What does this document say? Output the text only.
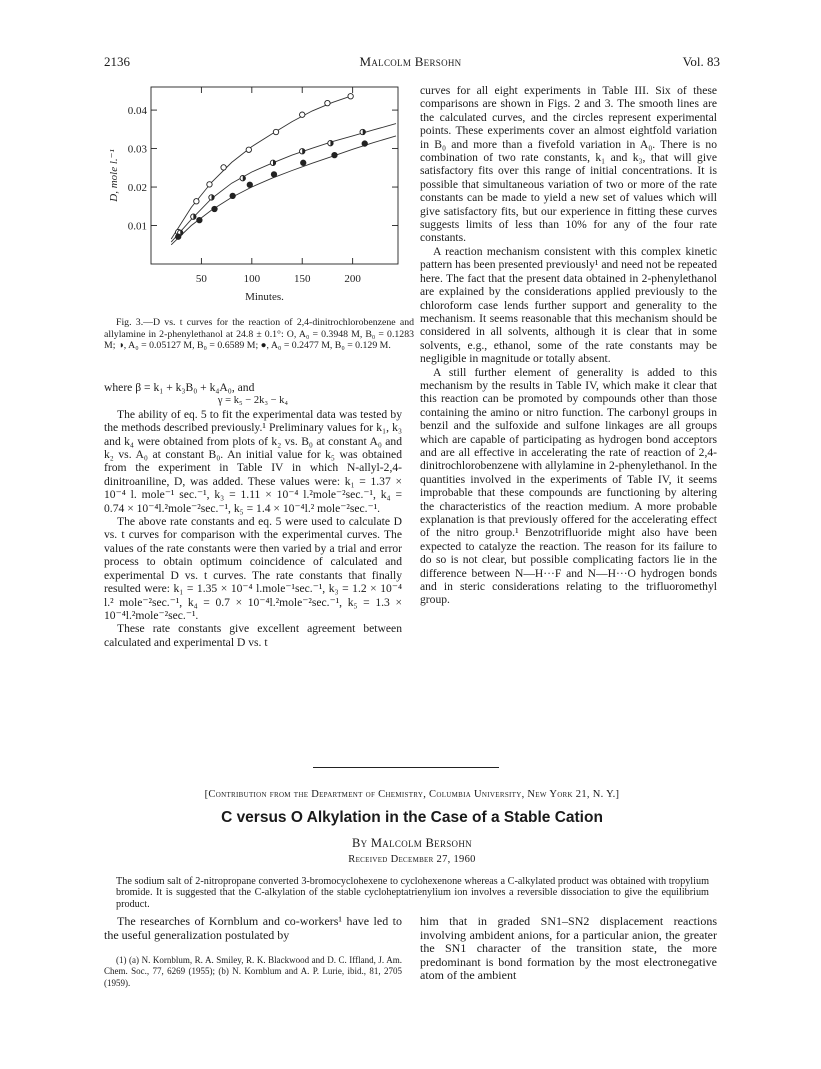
2136	Malcolm Bersohn	Vol. 83
50	100	150	200
0.04
0.03
0.02
0.01
D, mole l.⁻¹
Minutes.

Fig. 3.—D vs. t curves for the reaction of 2,4-dinitrochlorobenzene and allylamine in 2-phenylethanol at 24.8 ± 0.1°: O, A₀ = 0.3948 M, B₀ = 0.1283 M; ◑, A₀ = 0.05127 M, B₀ = 0.6589 M; ●, A₀ = 0.2477 M, B₀ = 0.129 M.

where β = k₁ + k₃B₀ + k₄A₀, and

γ = k₅ − 2k₃ − k₄

The ability of eq. 5 to fit the experimental data was tested by the methods described previously.¹ Preliminary values for k₁, k₃ and k₄ were obtained from plots of k₂ vs. B₀ at constant A₀ and k₂ vs. A₀ at constant B₀. An initial value for k₅ was obtained from the experiment in Table IV in which N-allyl-2,4-dinitroaniline, D, was added. These values were: k₁ = 1.37 × 10⁻⁴ l. mole⁻¹ sec.⁻¹, k₃ = 1.11 × 10⁻⁴ l.²mole⁻²sec.⁻¹, k₄ = 0.74 × 10⁻⁴l.²mole⁻²sec.⁻¹, k₅ = 1.4 × 10⁻⁴l.² mole⁻²sec.⁻¹.

The above rate constants and eq. 5 were used to calculate D vs. t curves for comparison with the experimental curves. The values of the rate constants were then varied by a trial and error process to obtain optimum coincidence of calculated and experimental D vs. t curves. The rate constants that finally resulted were: k₁ = 1.35 × 10⁻⁴ l.mole⁻¹sec.⁻¹, k₃ = 1.2 × 10⁻⁴ l.² mole⁻²sec.⁻¹, k₄ = 0.7 × 10⁻⁴l.²mole⁻²sec.⁻¹, k₅ = 1.3 × 10⁻⁴l.²mole⁻²sec.⁻¹.

These rate constants give excellent agreement between calculated and experimental D vs. t

curves for all eight experiments in Table III. Six of these comparisons are shown in Figs. 2 and 3. The smooth lines are the calculated curves, and the circles represent experimental points. These experiments cover an almost eightfold variation in B₀ and more than a fivefold variation in A₀. There is no combination of two rate constants, k₁ and k₃, that will give satisfactory fits over this range of initial concentrations. It is possible that simultaneous variation of two or more of the rate constants can be made to yield a new set of values which will give satisfactory fits, but our experience in fitting these curves suggests limits of less than 10% for any of the four rate constants.

A reaction mechanism consistent with this complex kinetic pattern has been presented previously¹ and need not be repeated here. The fact that the present data obtained in 2-phenylethanol are explained by the considerations applied previously to the chloroform case lends further support and generality to the mechanism. It seems reasonable that this mechanism should be considered in all solvents, although it is clear that in some solvents, e.g., ethanol, some of the rate constants may be negligible in magnitude or totally absent.

A still further element of generality is added to this mechanism by the results in Table IV, which make it clear that this reaction can be promoted by compounds other than those containing the amino or nitro function. The carbonyl groups in benzil and the sulfoxide and sulfone linkages are all groups which are capable of participating as hydrogen bond acceptors and are all effective in accelerating the rate of reaction of 2,4-dinitrochlorobenzene with allylamine in 2-phenylethanol. In the quantities involved in the experiments of Table IV, it seems improbable that these compounds are functioning by altering the characteristics of the reaction medium. A more probable explanation is that previously offered for the accelerating effect of the nitro group.¹ Benzotrifluoride might also have been expected to catalyze the reaction. The reason for its failure to do so is not clear, but possible complicating factors lie in the difference between N—H···F and N—H···O hydrogen bonds and in steric considerations relating to the trifluoromethyl group.

[Contribution from the Department of Chemistry, Columbia University, New York 21, N. Y.]
C versus O Alkylation in the Case of a Stable Cation
By Malcolm Bersohn
Received December 27, 1960
The sodium salt of 2-nitropropane converted 3-bromocyclohexene to cyclohexenone whereas a C-alkylated product was obtained with tropylium bromide. It is suggested that the C-alkylation of the stable cycloheptatrienylium ion involves a reversible dissociation to give the equilibrium product.

The researches of Kornblum and co-workers¹ have led to the useful generalization postulated by

(1) (a) N. Kornblum, R. A. Smiley, R. K. Blackwood and D. C. Iffland, J. Am. Chem. Soc., 77, 6269 (1955); (b) N. Kornblum and A. P. Lurie, ibid., 81, 2705 (1959).

him that in graded SN1–SN2 displacement reactions involving ambident anions, for a particular anion, the greater the SN1 character of the transition state, the more predominant is bond formation by the most electronegative atom of the ambient
